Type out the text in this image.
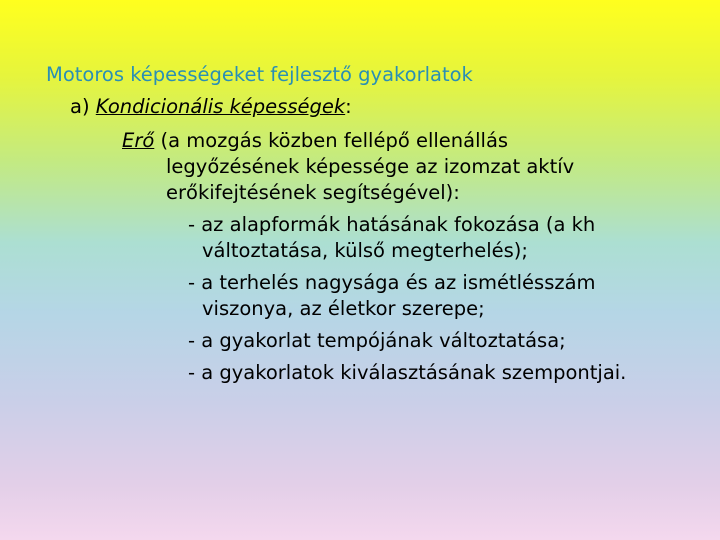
Motoros képességeket fejlesztő gyakorlatok
a) Kondicionális képességek:
Erő (a mozgás közben fellépő ellenállás
legyőzésének képessége az izomzat aktív
erőkifejtésének segítségével):
- az alapformák hatásának fokozása (a kh
változtatása, külső megterhelés);
- a terhelés nagysága és az ismétlésszám
viszonya, az életkor szerepe;
- a gyakorlat tempójának változtatása;
- a gyakorlatok kiválasztásának szempontjai.
